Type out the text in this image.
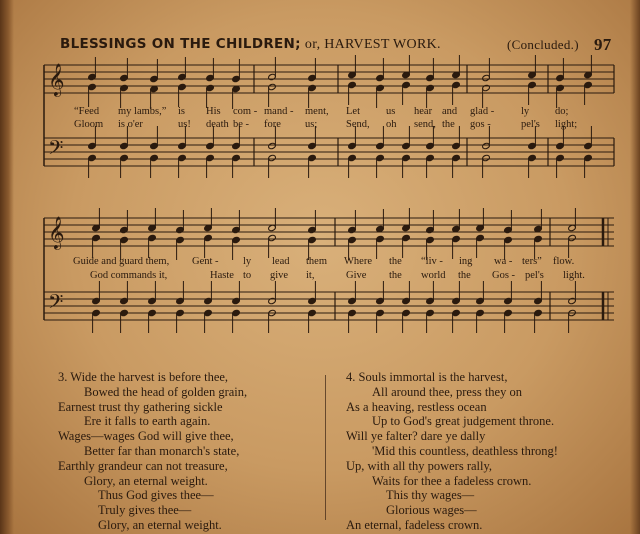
BLESSINGS ON THE CHILDREN; or, HARVEST WORK.	(Concluded.) 97
𝄞
𝄢
𝄞
𝄢
“Feed my lambs,” is His com - mand - ment, Let us hear and glad -	ly do;
Gloom is o'er	us! death be - fore us;	Send, oh send, the gos -	pel's light;
Guide and guard them, Gent - ly lead them Where the “liv - ing wa - ters” flow.
God commands it,	Haste to give it,	Give the world the Gos - pel's light.
3. Wide the harvest is before thee,
Bowed the head of golden grain,
Earnest trust thy gathering sickle
Ere it falls to earth again.
Wages—wages God will give thee,
Better far than monarch's state,
Earthly grandeur can not treasure,
Glory, an eternal weight.
Thus God gives thee—
Truly gives thee—
Glory, an eternal weight.
4. Souls immortal is the harvest,
All around thee, press they on
As a heaving, restless ocean
Up to God's great judgement throne.
Will ye falter? dare ye dally
'Mid this countless, deathless throng!
Up, with all thy powers rally,
Waits for thee a fadeless crown.
This thy wages—
Glorious wages—
An eternal, fadeless crown.
